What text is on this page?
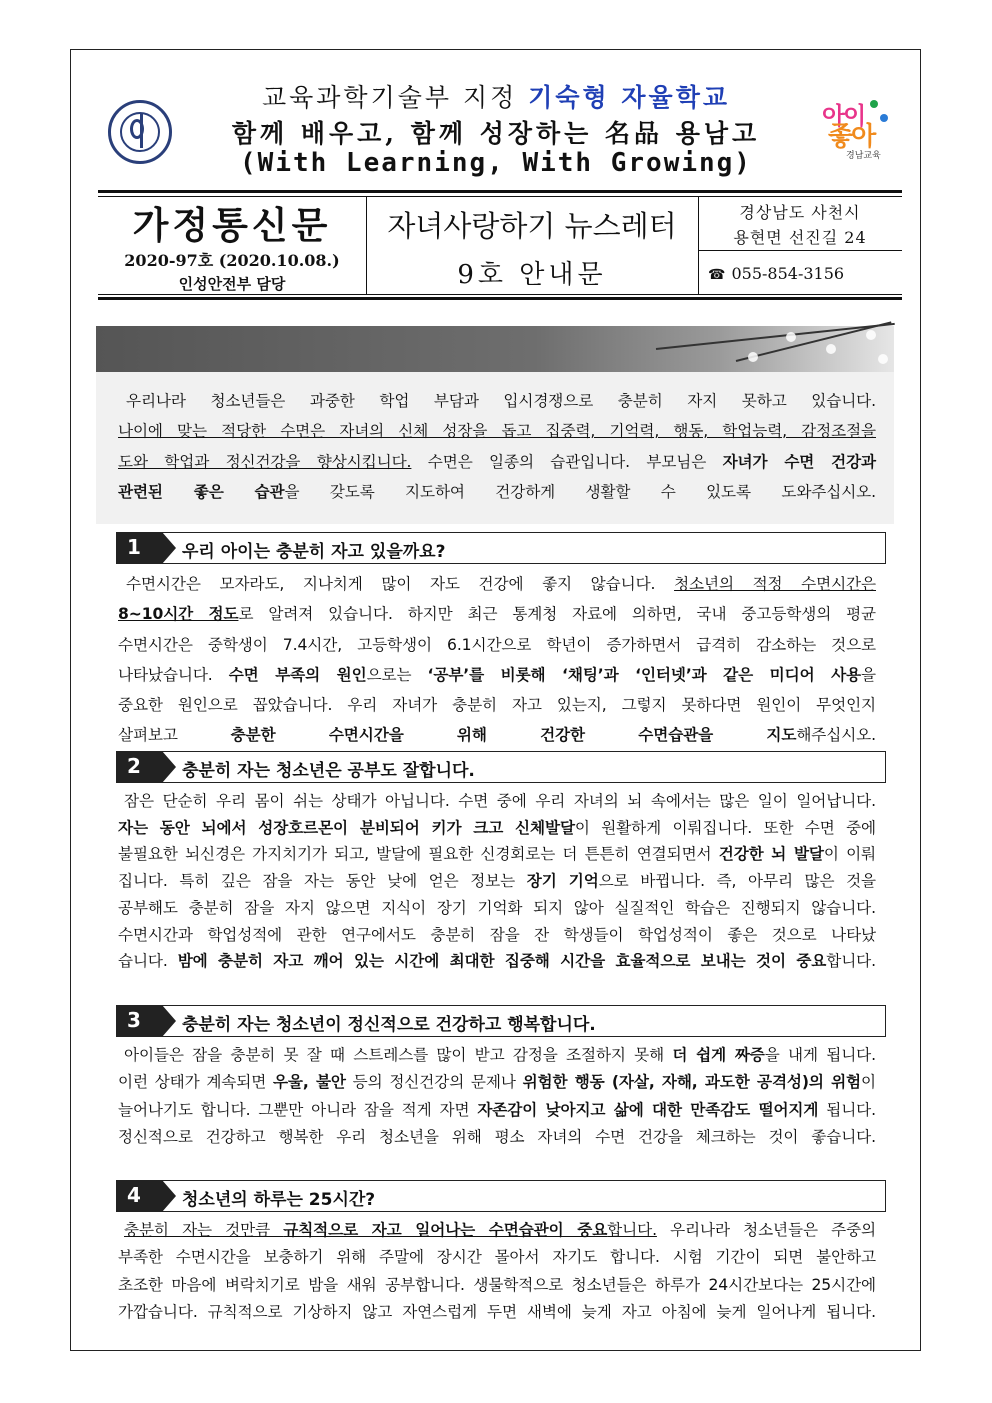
아이
좋아
경남교육
교육과학기술부 지정 기숙형 자율학교
함께 배우고, 함께 성장하는 名品 용남고
(With Learning, With Growing)
가정통신문
2020-97호 (2020.10.08.)
인성안전부 담당
자녀사랑하기 뉴스레터
9호 안내문
경상남도 사천시
용현면 선진길 24
☎ 055-854-3156
우리나라 청소년들은 과중한 학업 부담과 입시경쟁으로 충분히 자지 못하고 있습니다.
나이에 맞는 적당한 수면은 자녀의 신체 성장을 돕고 집중력, 기억력, 행동, 학업능력, 감정조절을
도와 학업과 정신건강을 향상시킵니다. 수면은 일종의 습관입니다. 부모님은 자녀가 수면 건강과
관련된 좋은 습관을 갖도록 지도하여 건강하게 생활할 수 있도록 도와주십시오.
1	우리 아이는 충분히 자고 있을까요?
수면시간은 모자라도, 지나치게 많이 자도 건강에 좋지 않습니다. 청소년의 적정 수면시간은
8~10시간 정도로 알려져 있습니다. 하지만 최근 통계청 자료에 의하면, 국내 중고등학생의 평균
수면시간은 중학생이 7.4시간, 고등학생이 6.1시간으로 학년이 증가하면서 급격히 감소하는 것으로
나타났습니다. 수면 부족의 원인으로는 ‘공부’를 비롯해 ‘채팅’과 ‘인터넷’과 같은 미디어 사용을
중요한 원인으로 꼽았습니다. 우리 자녀가 충분히 자고 있는지, 그렇지 못하다면 원인이 무엇인지
살펴보고 충분한 수면시간을 위해 건강한 수면습관을 지도해주십시오.
2	충분히 자는 청소년은 공부도 잘합니다.
잠은 단순히 우리 몸이 쉬는 상태가 아닙니다. 수면 중에 우리 자녀의 뇌 속에서는 많은 일이 일어납니다.
자는 동안 뇌에서 성장호르몬이 분비되어 키가 크고 신체발달이 원활하게 이뤄집니다. 또한 수면 중에
불필요한 뇌신경은 가지치기가 되고, 발달에 필요한 신경회로는 더 튼튼히 연결되면서 건강한 뇌 발달이 이뤄
집니다. 특히 깊은 잠을 자는 동안 낮에 얻은 정보는 장기 기억으로 바뀝니다. 즉, 아무리 많은 것을
공부해도 충분히 잠을 자지 않으면 지식이 장기 기억화 되지 않아 실질적인 학습은 진행되지 않습니다.
수면시간과 학업성적에 관한 연구에서도 충분히 잠을 잔 학생들이 학업성적이 좋은 것으로 나타났
습니다. 밤에 충분히 자고 깨어 있는 시간에 최대한 집중해 시간을 효율적으로 보내는 것이 중요합니다.
3	충분히 자는 청소년이 정신적으로 건강하고 행복합니다.
아이들은 잠을 충분히 못 잘 때 스트레스를 많이 받고 감정을 조절하지 못해 더 쉽게 짜증을 내게 됩니다.
이런 상태가 계속되면 우울, 불안 등의 정신건강의 문제나 위험한 행동 (자살, 자해, 과도한 공격성)의 위험이
늘어나기도 합니다. 그뿐만 아니라 잠을 적게 자면 자존감이 낮아지고 삶에 대한 만족감도 떨어지게 됩니다.
정신적으로 건강하고 행복한 우리 청소년을 위해 평소 자녀의 수면 건강을 체크하는 것이 좋습니다.
4	청소년의 하루는 25시간?
충분히 자는 것만큼 규칙적으로 자고 일어나는 수면습관이 중요합니다. 우리나라 청소년들은 주중의
부족한 수면시간을 보충하기 위해 주말에 장시간 몰아서 자기도 합니다. 시험 기간이 되면 불안하고
초조한 마음에 벼락치기로 밤을 새워 공부합니다. 생물학적으로 청소년들은 하루가 24시간보다는 25시간에
가깝습니다. 규칙적으로 기상하지 않고 자연스럽게 두면 새벽에 늦게 자고 아침에 늦게 일어나게 됩니다.
